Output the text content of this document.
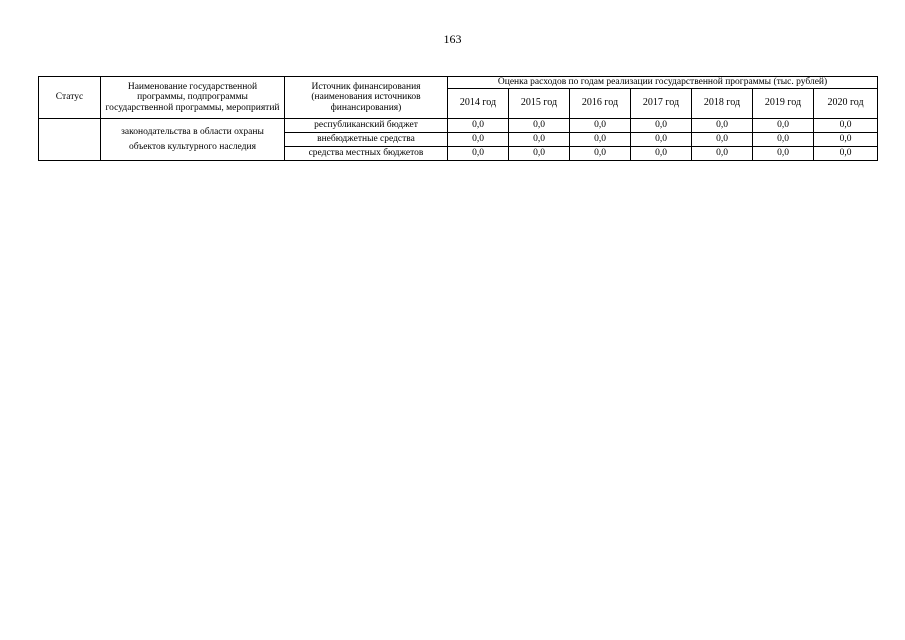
163
Статус	Наименование государственной программы, подпрограммы государственной программы, мероприятий	Источник финансирования (наименования источников финансирования)	Оценка расходов по годам реализации государственной программы (тыс. рублей)						
			2014 год	2015 год	2016 год	2017 год	2018 год	2019 год	2020 год
	законодательства в области охраны объектов культурного наследия	республиканский бюджет	0,0	0,0	0,0	0,0	0,0	0,0	0,0
		внебюджетные средства	0,0	0,0	0,0	0,0	0,0	0,0	0,0
		средства местных бюджетов	0,0	0,0	0,0	0,0	0,0	0,0	0,0
